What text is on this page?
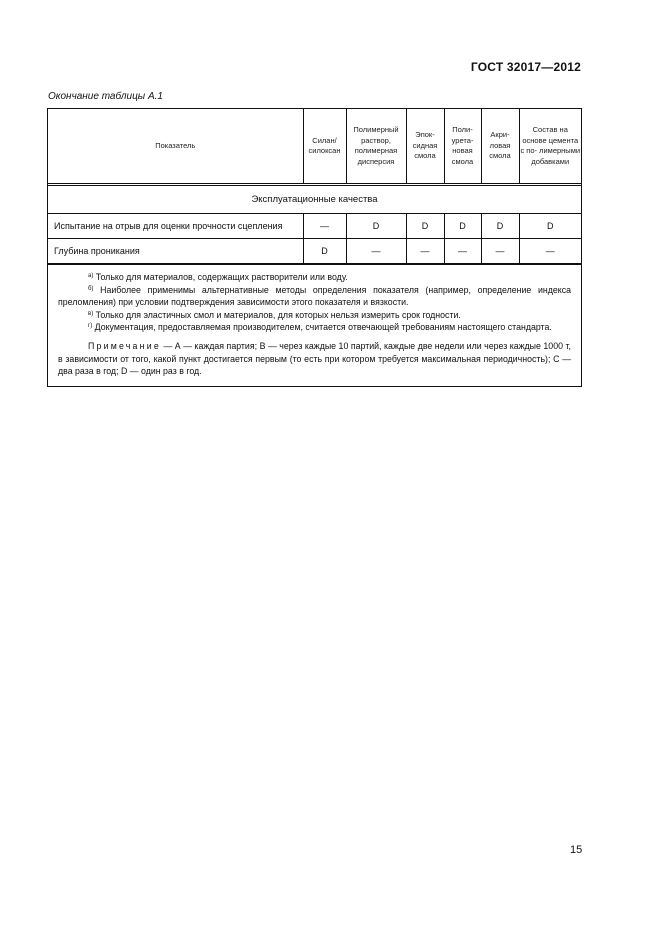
ГОСТ 32017—2012
Окончание таблицы А.1
Показатель	Силан/ силоксан	Полимерный раствор, полимерная дисперсия	Эпок- сидная смола	Поли- урета- новая смола	Акри- ловая смола	Состав на основе цемента с по- лимерными добавками
Эксплуатационные качества						
Испытание на отрыв для оценки прочности сцепления	—	D	D	D	D	D
Глубина проникания	D	—	—	—	—	—

$^{а)}$ Только для материалов, содержащих растворители или воду.

$^{б)}$ Наиболее применимы альтернативные методы определения показателя (например, определение индекса преломления) при условии подтверждения зависимости этого показателя и вязкости.

$^{в)}$ Только для эластичных смол и материалов, для которых нельзя измерить срок годности.

$^{г)}$ Документация, предоставляемая производителем, считается отвечающей требованиям настоящего стандарта.

Примечание — А — каждая партия; В — через каждые 10 партий, каждые две недели или через каждые 1000 т, в зависимости от того, какой пункт достигается первым (то есть при котором требуется максимальная периодичность); С — два раза в год; D — один раз в год.

15
